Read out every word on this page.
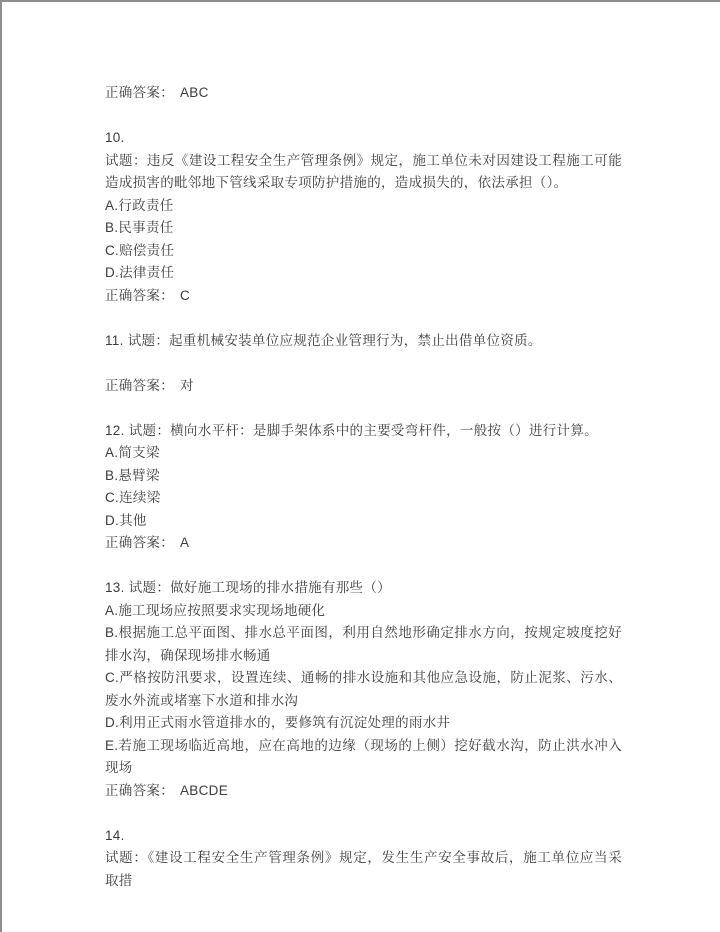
正确答案： ABC

10.

试题：违反《建设工程安全生产管理条例》规定，施工单位未对因建设工程施工可能造成损害的毗邻地下管线采取专项防护措施的，造成损失的，依法承担（）。

A.行政责任

B.民事责任

C.赔偿责任

D.法律责任

正确答案： C

11. 试题：起重机械安装单位应规范企业管理行为，禁止出借单位资质。

正确答案： 对

12. 试题：横向水平杆：是脚手架体系中的主要受弯杆件，一般按（）进行计算。

A.简支梁

B.悬臂梁

C.连续梁

D.其他

正确答案： A

13. 试题：做好施工现场的排水措施有那些（）

A.施工现场应按照要求实现场地硬化

B.根据施工总平面图、排水总平面图，利用自然地形确定排水方向，按规定坡度挖好排水沟，确保现场排水畅通

C.严格按防汛要求，设置连续、通畅的排水设施和其他应急设施，防止泥浆、污水、废水外流或堵塞下水道和排水沟

D.利用正式雨水管道排水的，要修筑有沉淀处理的雨水井

E.若施工现场临近高地，应在高地的边缘（现场的上侧）挖好截水沟，防止洪水冲入现场

正确答案： ABCDE

14.

试题：《建设工程安全生产管理条例》规定，发生生产安全事故后，施工单位应当采取措
